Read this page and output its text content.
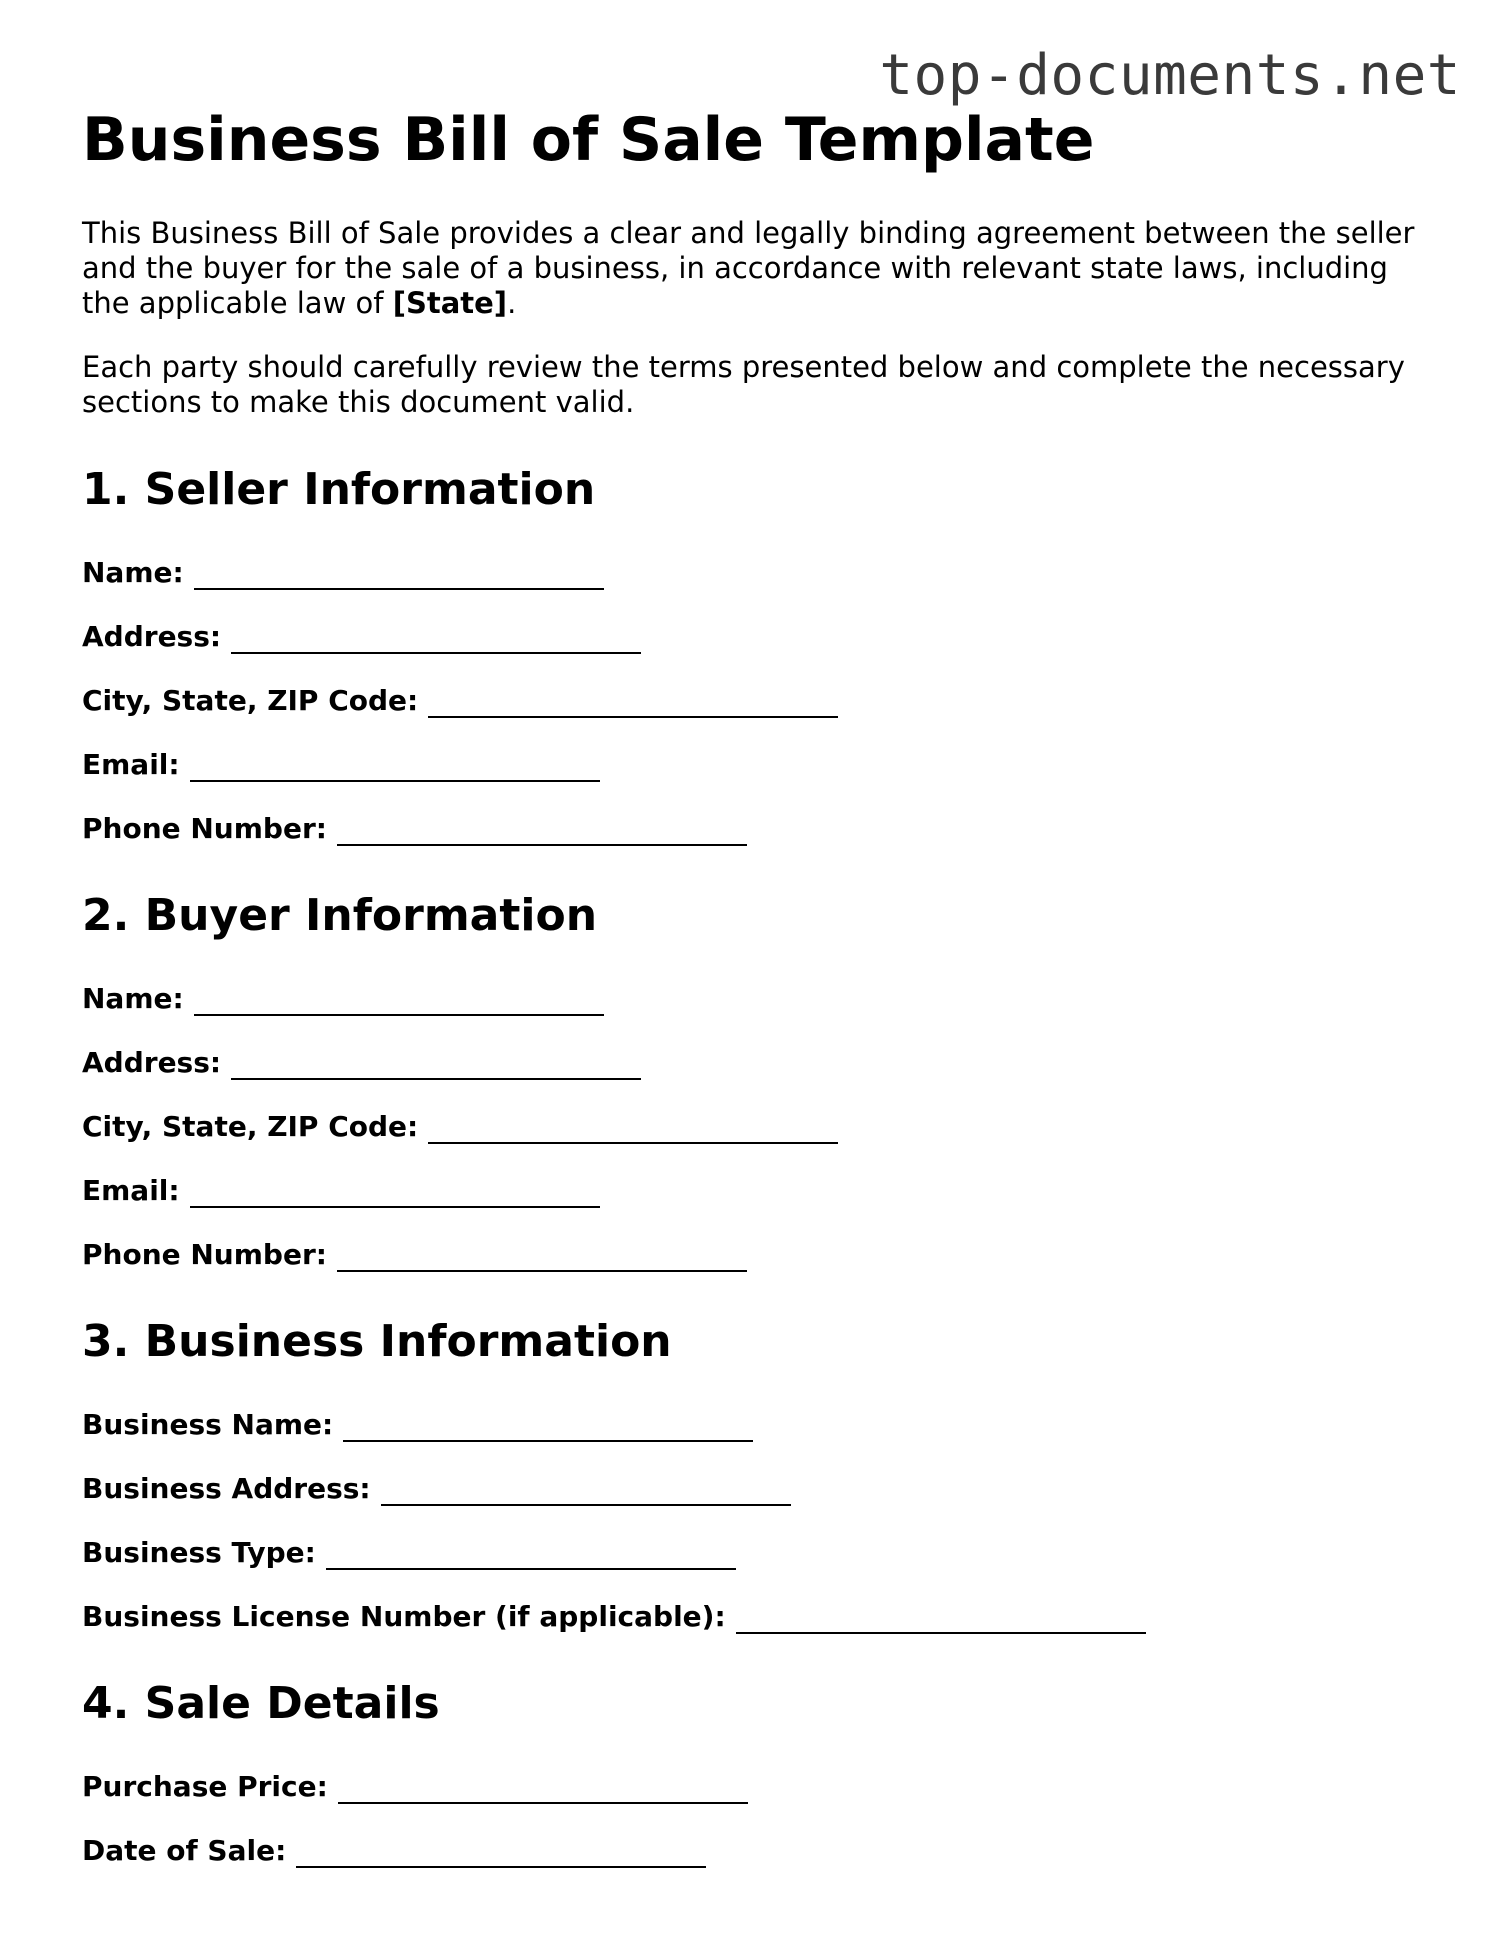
top-documents.net
Business Bill of Sale Template

This Business Bill of Sale provides a clear and legally binding agreement between the seller and the buyer for the sale of a business, in accordance with relevant state laws, including the applicable law of [State].

Each party should carefully review the terms presented below and complete the necessary sections to make this document valid.

1. Seller Information
Name:
Address:
City, State, ZIP Code:
Email:
Phone Number:
2. Buyer Information
Name:
Address:
City, State, ZIP Code:
Email:
Phone Number:
3. Business Information
Business Name:
Business Address:
Business Type:
Business License Number (if applicable):
4. Sale Details
Purchase Price:
Date of Sale:
